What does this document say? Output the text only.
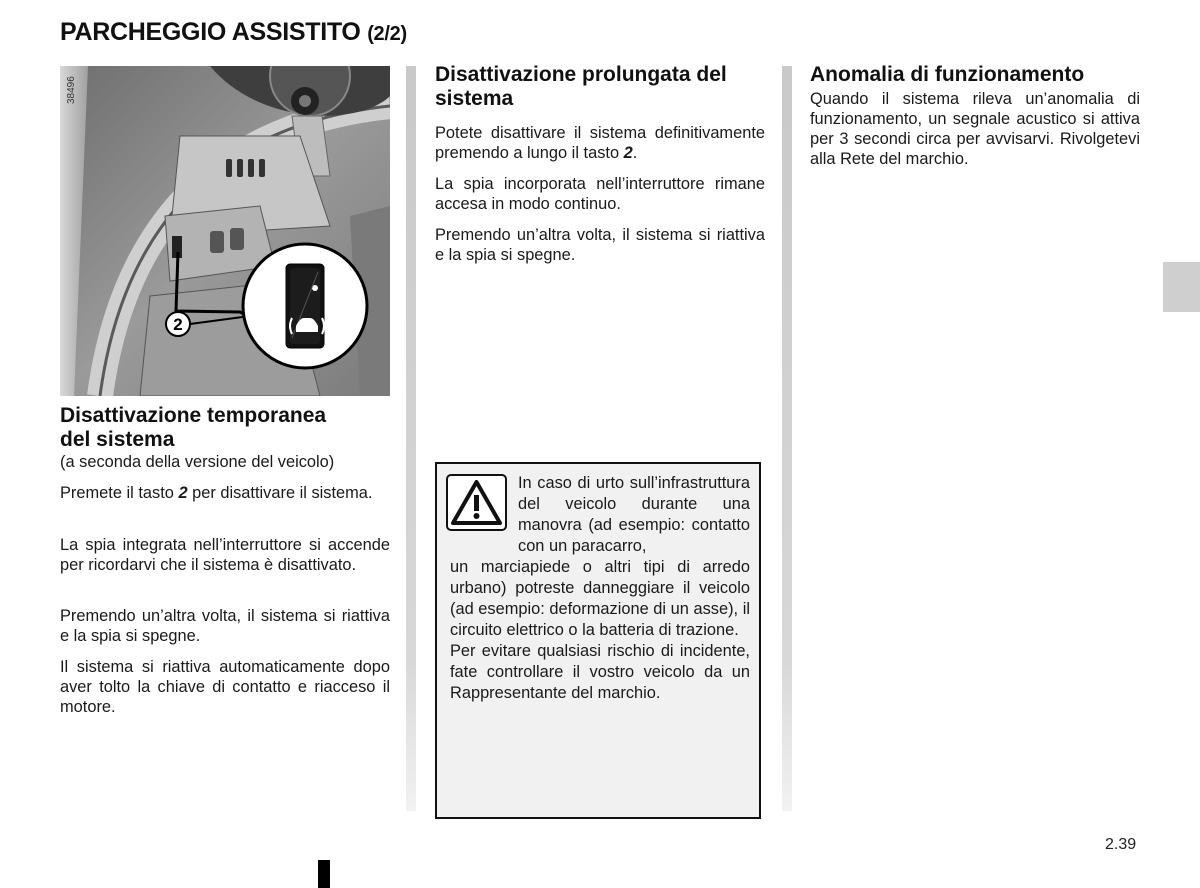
PARCHEGGIO ASSISTITO (2/2)
38496
2
Disattivazione temporanea
del sistema

(a seconda della versione del veicolo)

Premete il tasto 2 per disattivare il sistema.

La spia integrata nell’interruttore si accende per ricordarvi che il sistema è disattivato.

Premendo un’altra volta, il sistema si riattiva e la spia si spegne.

Il sistema si riattiva automaticamente dopo aver tolto la chiave di contatto e riacceso il motore.

Disattivazione prolungata del
sistema

Potete disattivare il sistema definitivamente premendo a lungo il tasto 2.

La spia incorporata nell’interruttore rimane accesa in modo continuo.

Premendo un’altra volta, il sistema si riattiva e la spia si spegne.

In caso di urto sull’infrastruttura del veicolo durante una manovra (ad esempio: contatto con un paracarro,
un marciapiede o altri tipi di arredo urbano) potreste danneggiare il veicolo (ad esempio: deformazione di un asse), il circuito elettrico o la batteria di trazione.
Per evitare qualsiasi rischio di incidente, fate controllare il vostro veicolo da un Rappresentante del marchio.
Anomalia di funzionamento

Quando il sistema rileva un’anomalia di funzionamento, un segnale acustico si attiva per 3 secondi circa per avvisarvi. Rivolgetevi alla Rete del marchio.

2.39
